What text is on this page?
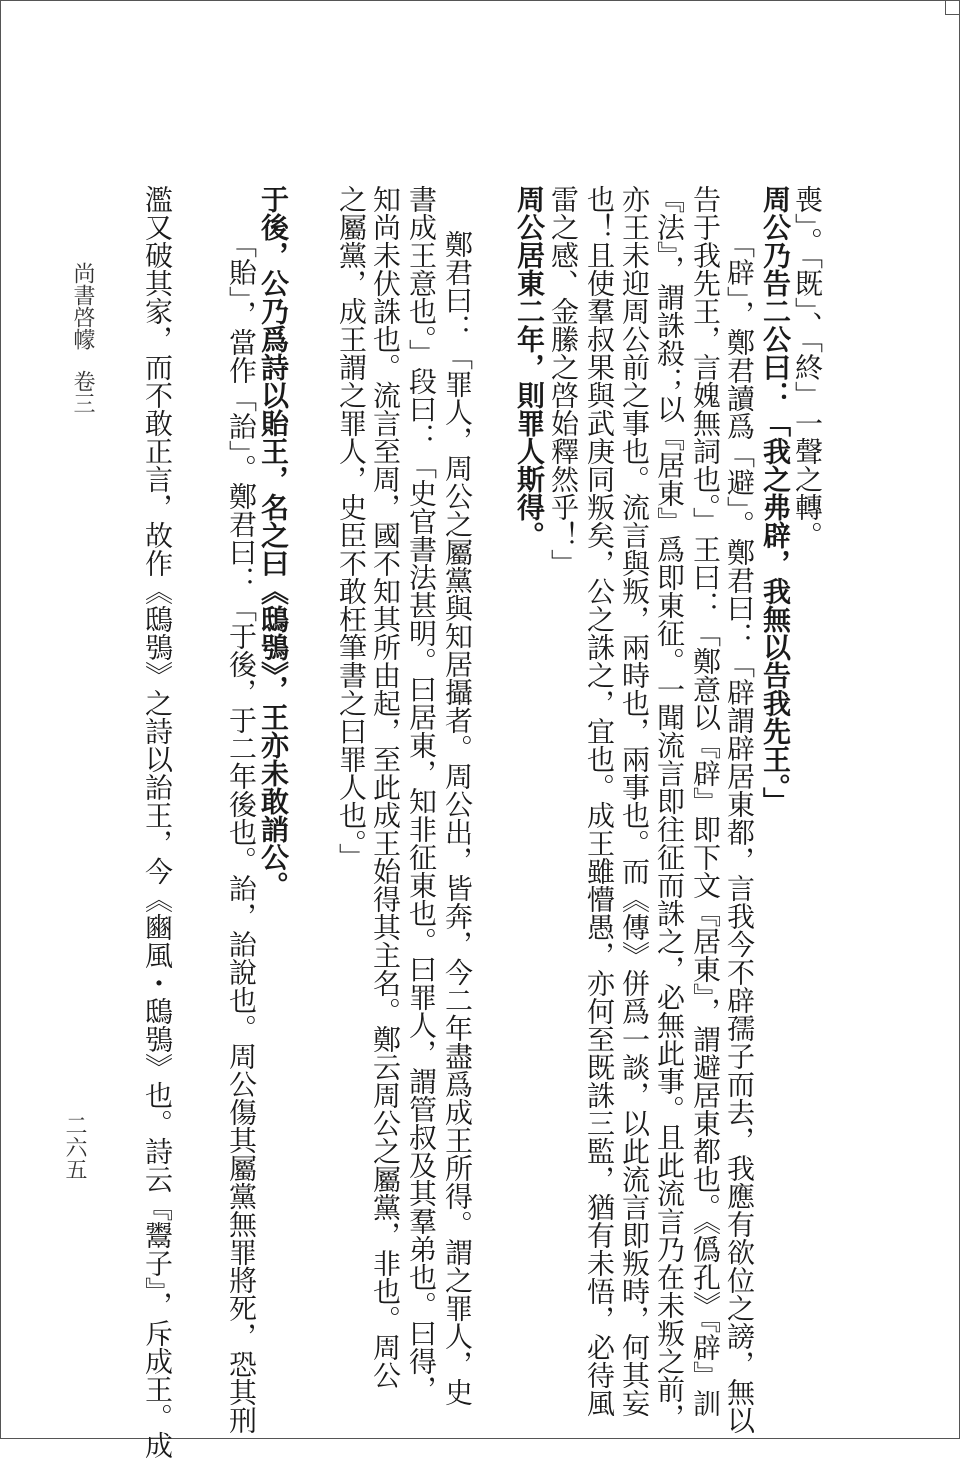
喪」。「既」、「終」一聲之轉。
周公乃告二公曰：「我之弗辟，我無以告我先王。」
「辟」，鄭君讀爲「避」。鄭君曰：「辟謂辟居東都，言我今不辟孺子而去，我應有欲位之謗，無以
告于我先王，言媿無詞也。」王曰：「鄭意以『辟』即下文『居東』，謂避居東都也。《僞孔》『辟』訓
『法』，謂誅殺；以『居東』爲即東征。一聞流言即往征而誅之，必無此事。且此流言乃在未叛之前，
亦王未迎周公前之事也。流言與叛，兩時也，兩事也。而《傳》併爲一談，以此流言即叛時，何其妄
也！且使羣叔果與武庚同叛矣，公之誅之，宜也。成王雖懵愚，亦何至既誅三監，猶有未悟，必待風
雷之感、金縢之啓始釋然乎！」
周公居東二年，則罪人斯得。
鄭君曰：「罪人，周公之屬黨與知居攝者。周公出，皆奔，今二年盡爲成王所得。謂之罪人，史
書成王意也。」段曰：「史官書法甚明。曰居東，知非征東也。曰罪人，謂管叔及其羣弟也。曰得，
知尚未伏誅也。流言至周，國不知其所由起，至此成王始得其主名。鄭云周公之屬黨，非也。周公
之屬黨，成王謂之罪人，史臣不敢枉筆書之曰罪人也。」
于後，公乃爲詩以貽王，名之曰《鴟鴞》，王亦未敢誚公。
「貽」，當作「詒」。鄭君曰：「于後，于二年後也。詒，詒說也。周公傷其屬黨無罪將死，恐其刑
濫又破其家，而不敢正言，故作《鴟鴞》之詩以詒王，今《豳風・鴟鴞》也。詩云『鬻子』，斥成王。成
尚書啓幪卷三
二六五
